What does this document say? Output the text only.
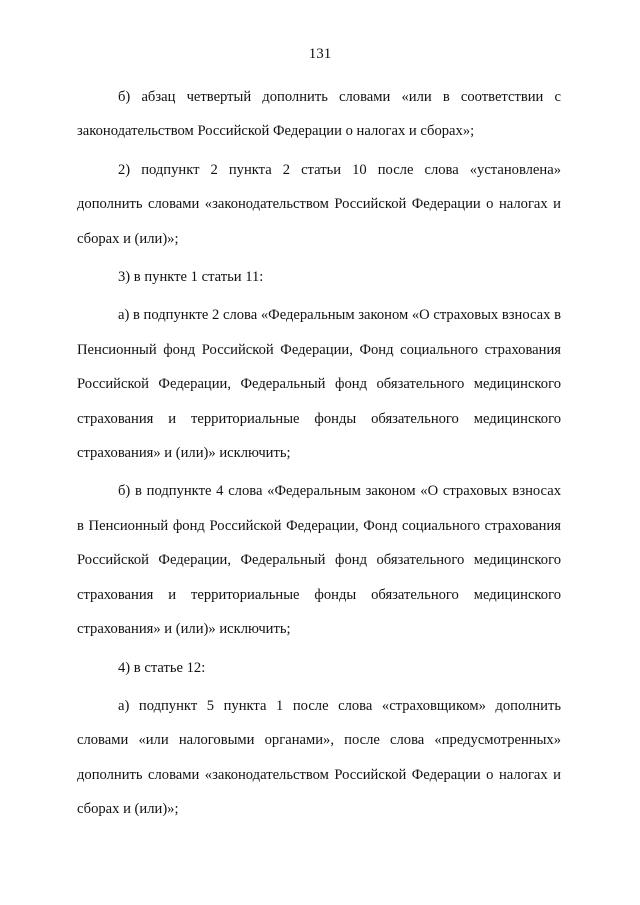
131

б) абзац четвертый дополнить словами «или в соответствии с законодательством Российской Федерации о налогах и сборах»;

2) подпункт 2 пункта 2 статьи 10 после слова «установлена» дополнить словами «законодательством Российской Федерации о налогах и сборах и (или)»;

3) в пункте 1 статьи 11:

а) в подпункте 2 слова «Федеральным законом «О страховых взносах в Пенсионный фонд Российской Федерации, Фонд социального страхования Российской Федерации, Федеральный фонд обязательного медицинского страхования и территориальные фонды обязательного медицинского страхования» и (или)» исключить;

б) в подпункте 4 слова «Федеральным законом «О страховых взносах в Пенсионный фонд Российской Федерации, Фонд социального страхования Российской Федерации, Федеральный фонд обязательного медицинского страхования и территориальные фонды обязательного медицинского страхования» и (или)» исключить;

4) в статье 12:

а) подпункт 5 пункта 1 после слова «страховщиком» дополнить словами «или налоговыми органами», после слова «предусмотренных» дополнить словами «законодательством Российской Федерации о налогах и сборах и (или)»;
